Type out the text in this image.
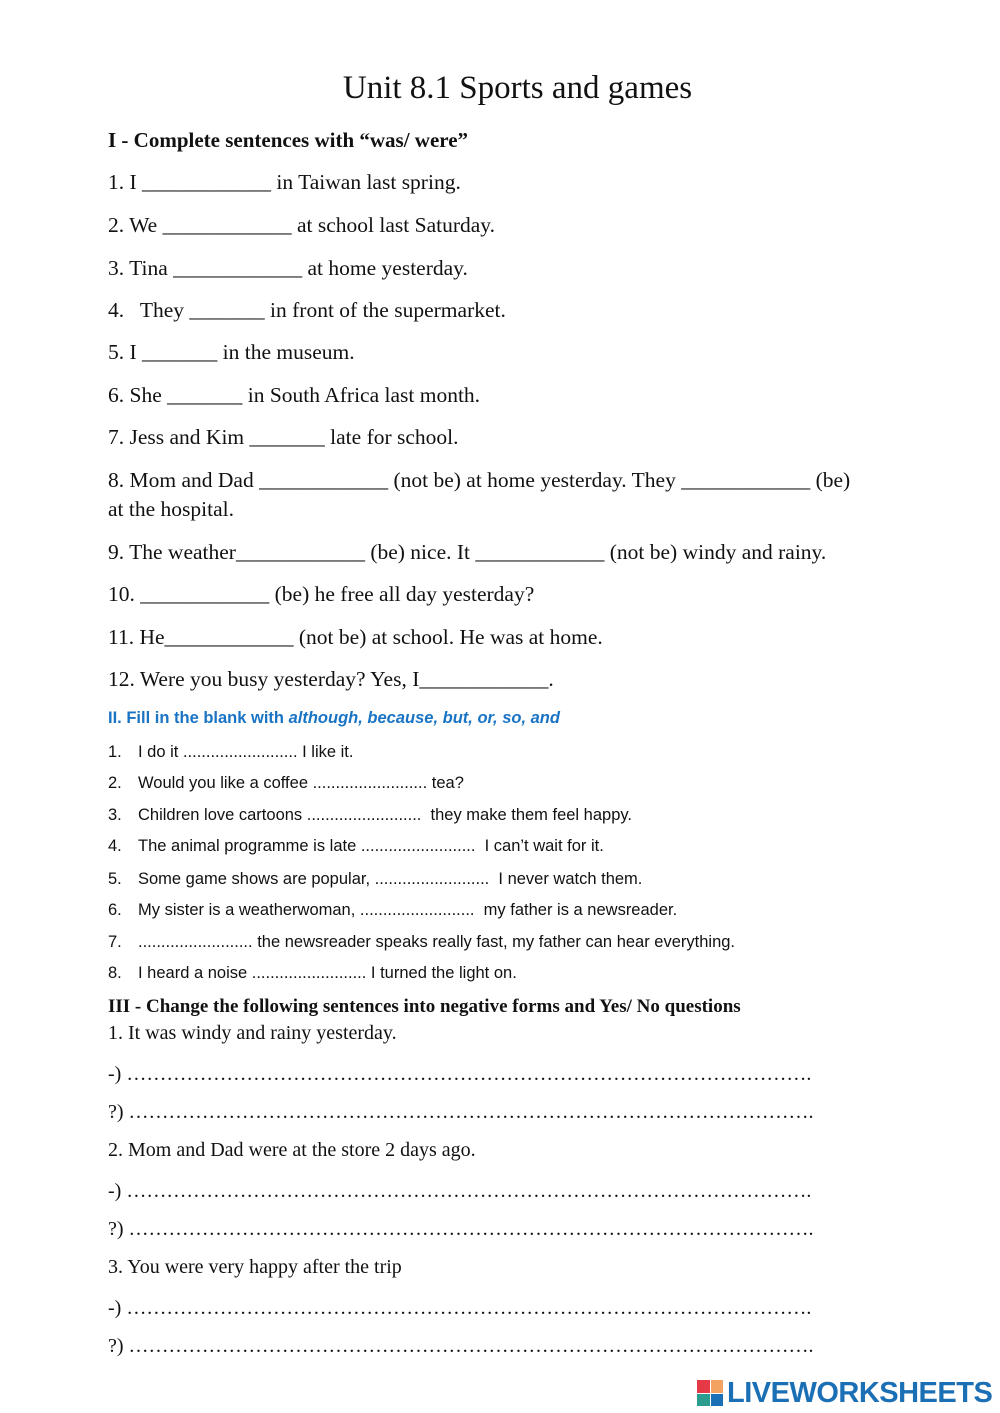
Unit 8.1 Sports and games
I - Complete sentences with “was/ were”
1. I ____________ in Taiwan last spring.
2. We ____________ at school last Saturday.
3. Tina ____________ at home yesterday.
4.   They _______ in front of the supermarket.
5. I _______ in the museum.
6. She _______ in South Africa last month.
7. Jess and Kim _______ late for school.
8. Mom and Dad ____________ (not be) at home yesterday. They ____________ (be)
at the hospital.
9. The weather____________ (be) nice. It ____________ (not be) windy and rainy.
10. ____________ (be) he free all day yesterday?
11. He____________ (not be) at school. He was at home.
12. Were you busy yesterday? Yes, I____________.
II. Fill in the blank with although, because, but, or, so, and
1. I do it ......................... I like it.
2. Would you like a coffee ......................... tea?
3. Children love cartoons .........................  they make them feel happy.
4. The animal programme is late .........................  I can’t wait for it.
5. Some game shows are popular, .........................  I never watch them.
6. My sister is a weatherwoman, .........................  my father is a newsreader.
7. ......................... the newsreader speaks really fast, my father can hear everything.
8. I heard a noise ......................... I turned the light on.
III - Change the following sentences into negative forms and Yes/ No questions
1. It was windy and rainy yesterday.
-) ………………………………………………………………………………………….
?) ………………………………………………………………………………………….
2. Mom and Dad were at the store 2 days ago.
-) ………………………………………………………………………………………….
?) ………………………………………………………………………………………….
3. You were very happy after the trip
-) ………………………………………………………………………………………….
?) ………………………………………………………………………………………….
LIVEWORKSHEETS
